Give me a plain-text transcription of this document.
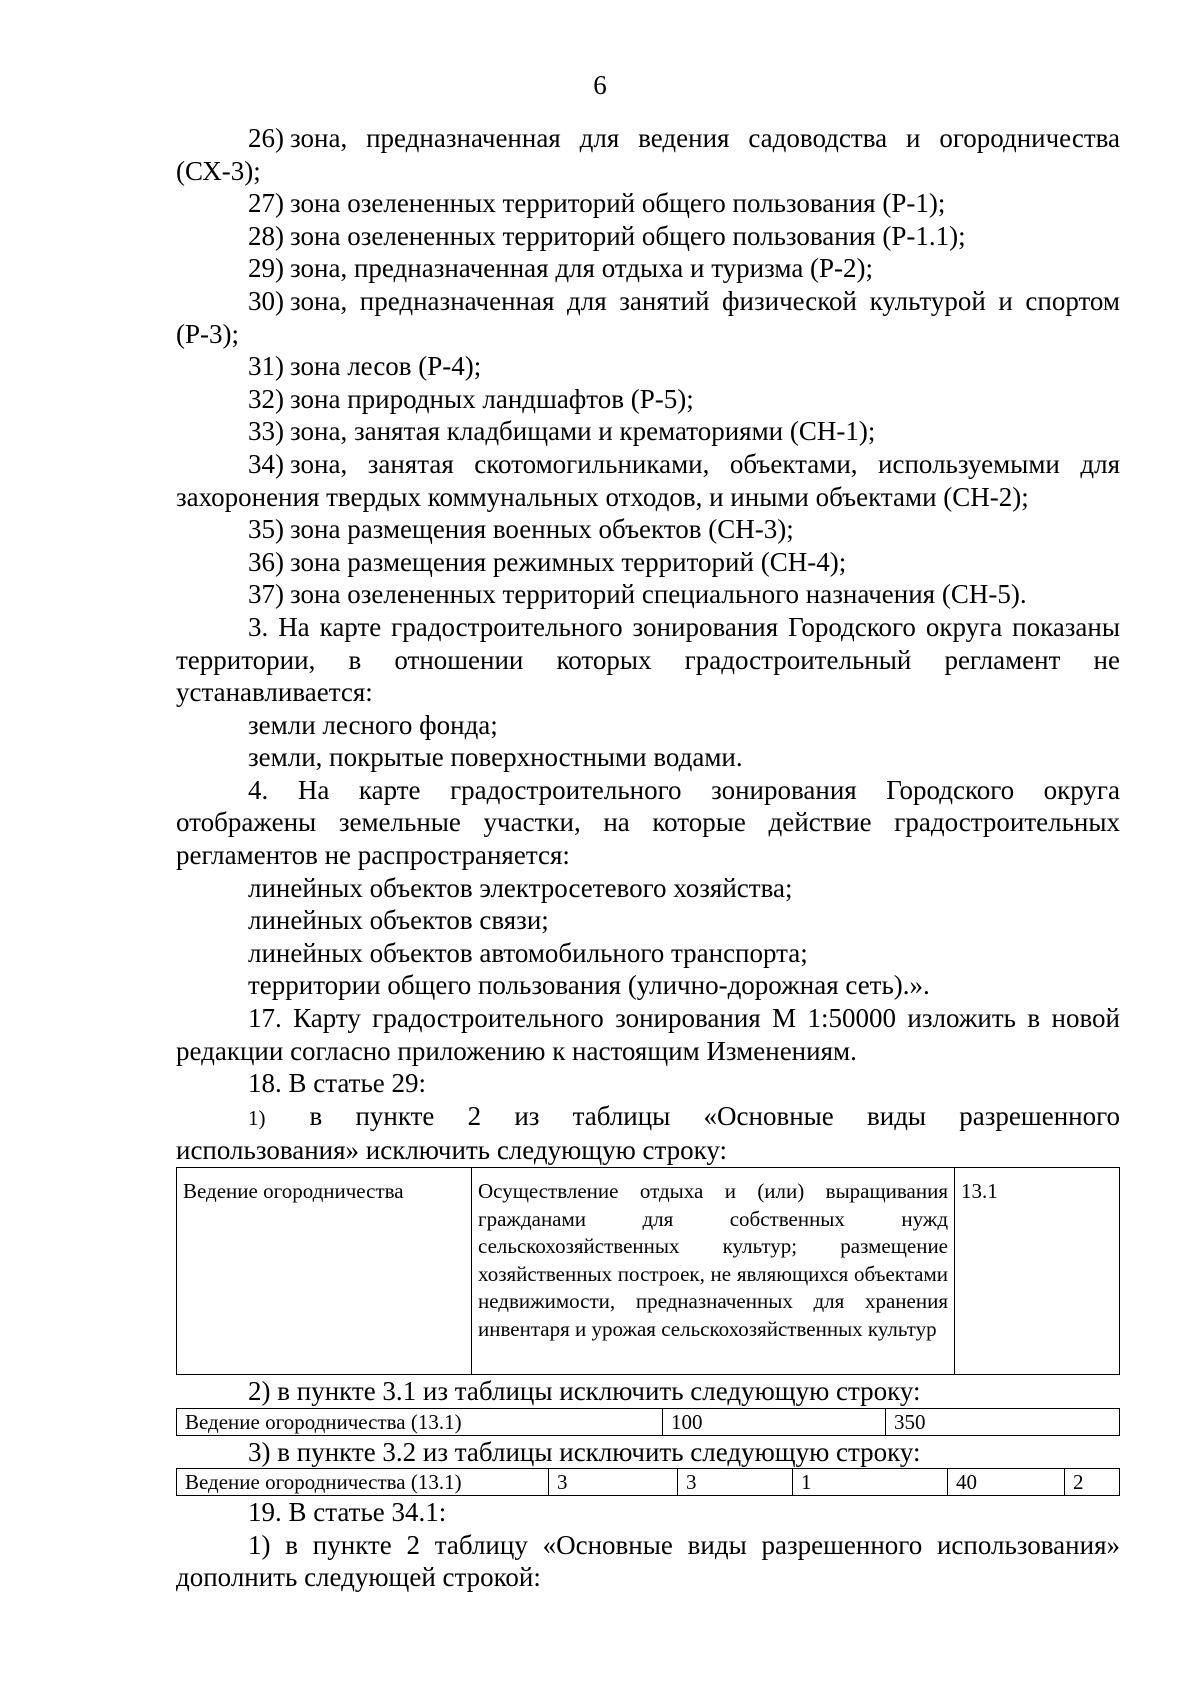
6

26) зона, предназначенная для ведения садоводства и огородничества (СХ-3);

27) зона озелененных территорий общего пользования (Р-1);

28) зона озелененных территорий общего пользования (Р-1.1);

29) зона, предназначенная для отдыха и туризма (Р-2);

30) зона, предназначенная для занятий физической культурой и спортом (Р-3);

31) зона лесов (Р-4);

32) зона природных ландшафтов (Р-5);

33) зона, занятая кладбищами и крематориями (СН-1);

34) зона, занятая скотомогильниками, объектами, используемыми для захоронения твердых коммунальных отходов, и иными объектами (СН-2);

35) зона размещения военных объектов (СН-3);

36) зона размещения режимных территорий (СН-4);

37) зона озелененных территорий специального назначения (СН-5).

3. На карте градостроительного зонирования Городского округа показаны территории, в отношении которых градостроительный регламент не устанавливается:

земли лесного фонда;

земли, покрытые поверхностными водами.

4. На карте градостроительного зонирования Городского округа отображены земельные участки, на которые действие градостроительных регламентов не распространяется:

линейных объектов электросетевого хозяйства;

линейных объектов связи;

линейных объектов автомобильного транспорта;

территории общего пользования (улично-дорожная сеть).».

17. Карту градостроительного зонирования М 1:50000 изложить в новой редакции согласно приложению к настоящим Изменениям.

18. В статье 29:

1) в пункте 2 из таблицы «Основные виды разрешенного использования» исключить следующую строку:

Ведение огородничества	Осуществление отдыха и (или) выращивания гражданами для собственных нужд сельскохозяйственных культур; размещение хозяйственных построек, не являющихся объектами недвижимости, предназначенных для хранения инвентаря и урожая сельскохозяйственных культур	13.1

2) в пункте 3.1 из таблицы исключить следующую строку:

Ведение огородничества (13.1)	100	350

3) в пункте 3.2 из таблицы исключить следующую строку:

Ведение огородничества (13.1)	3	3	1	40	2

19. В статье 34.1:

1) в пункте 2 таблицу «Основные виды разрешенного использования» дополнить следующей строкой:
